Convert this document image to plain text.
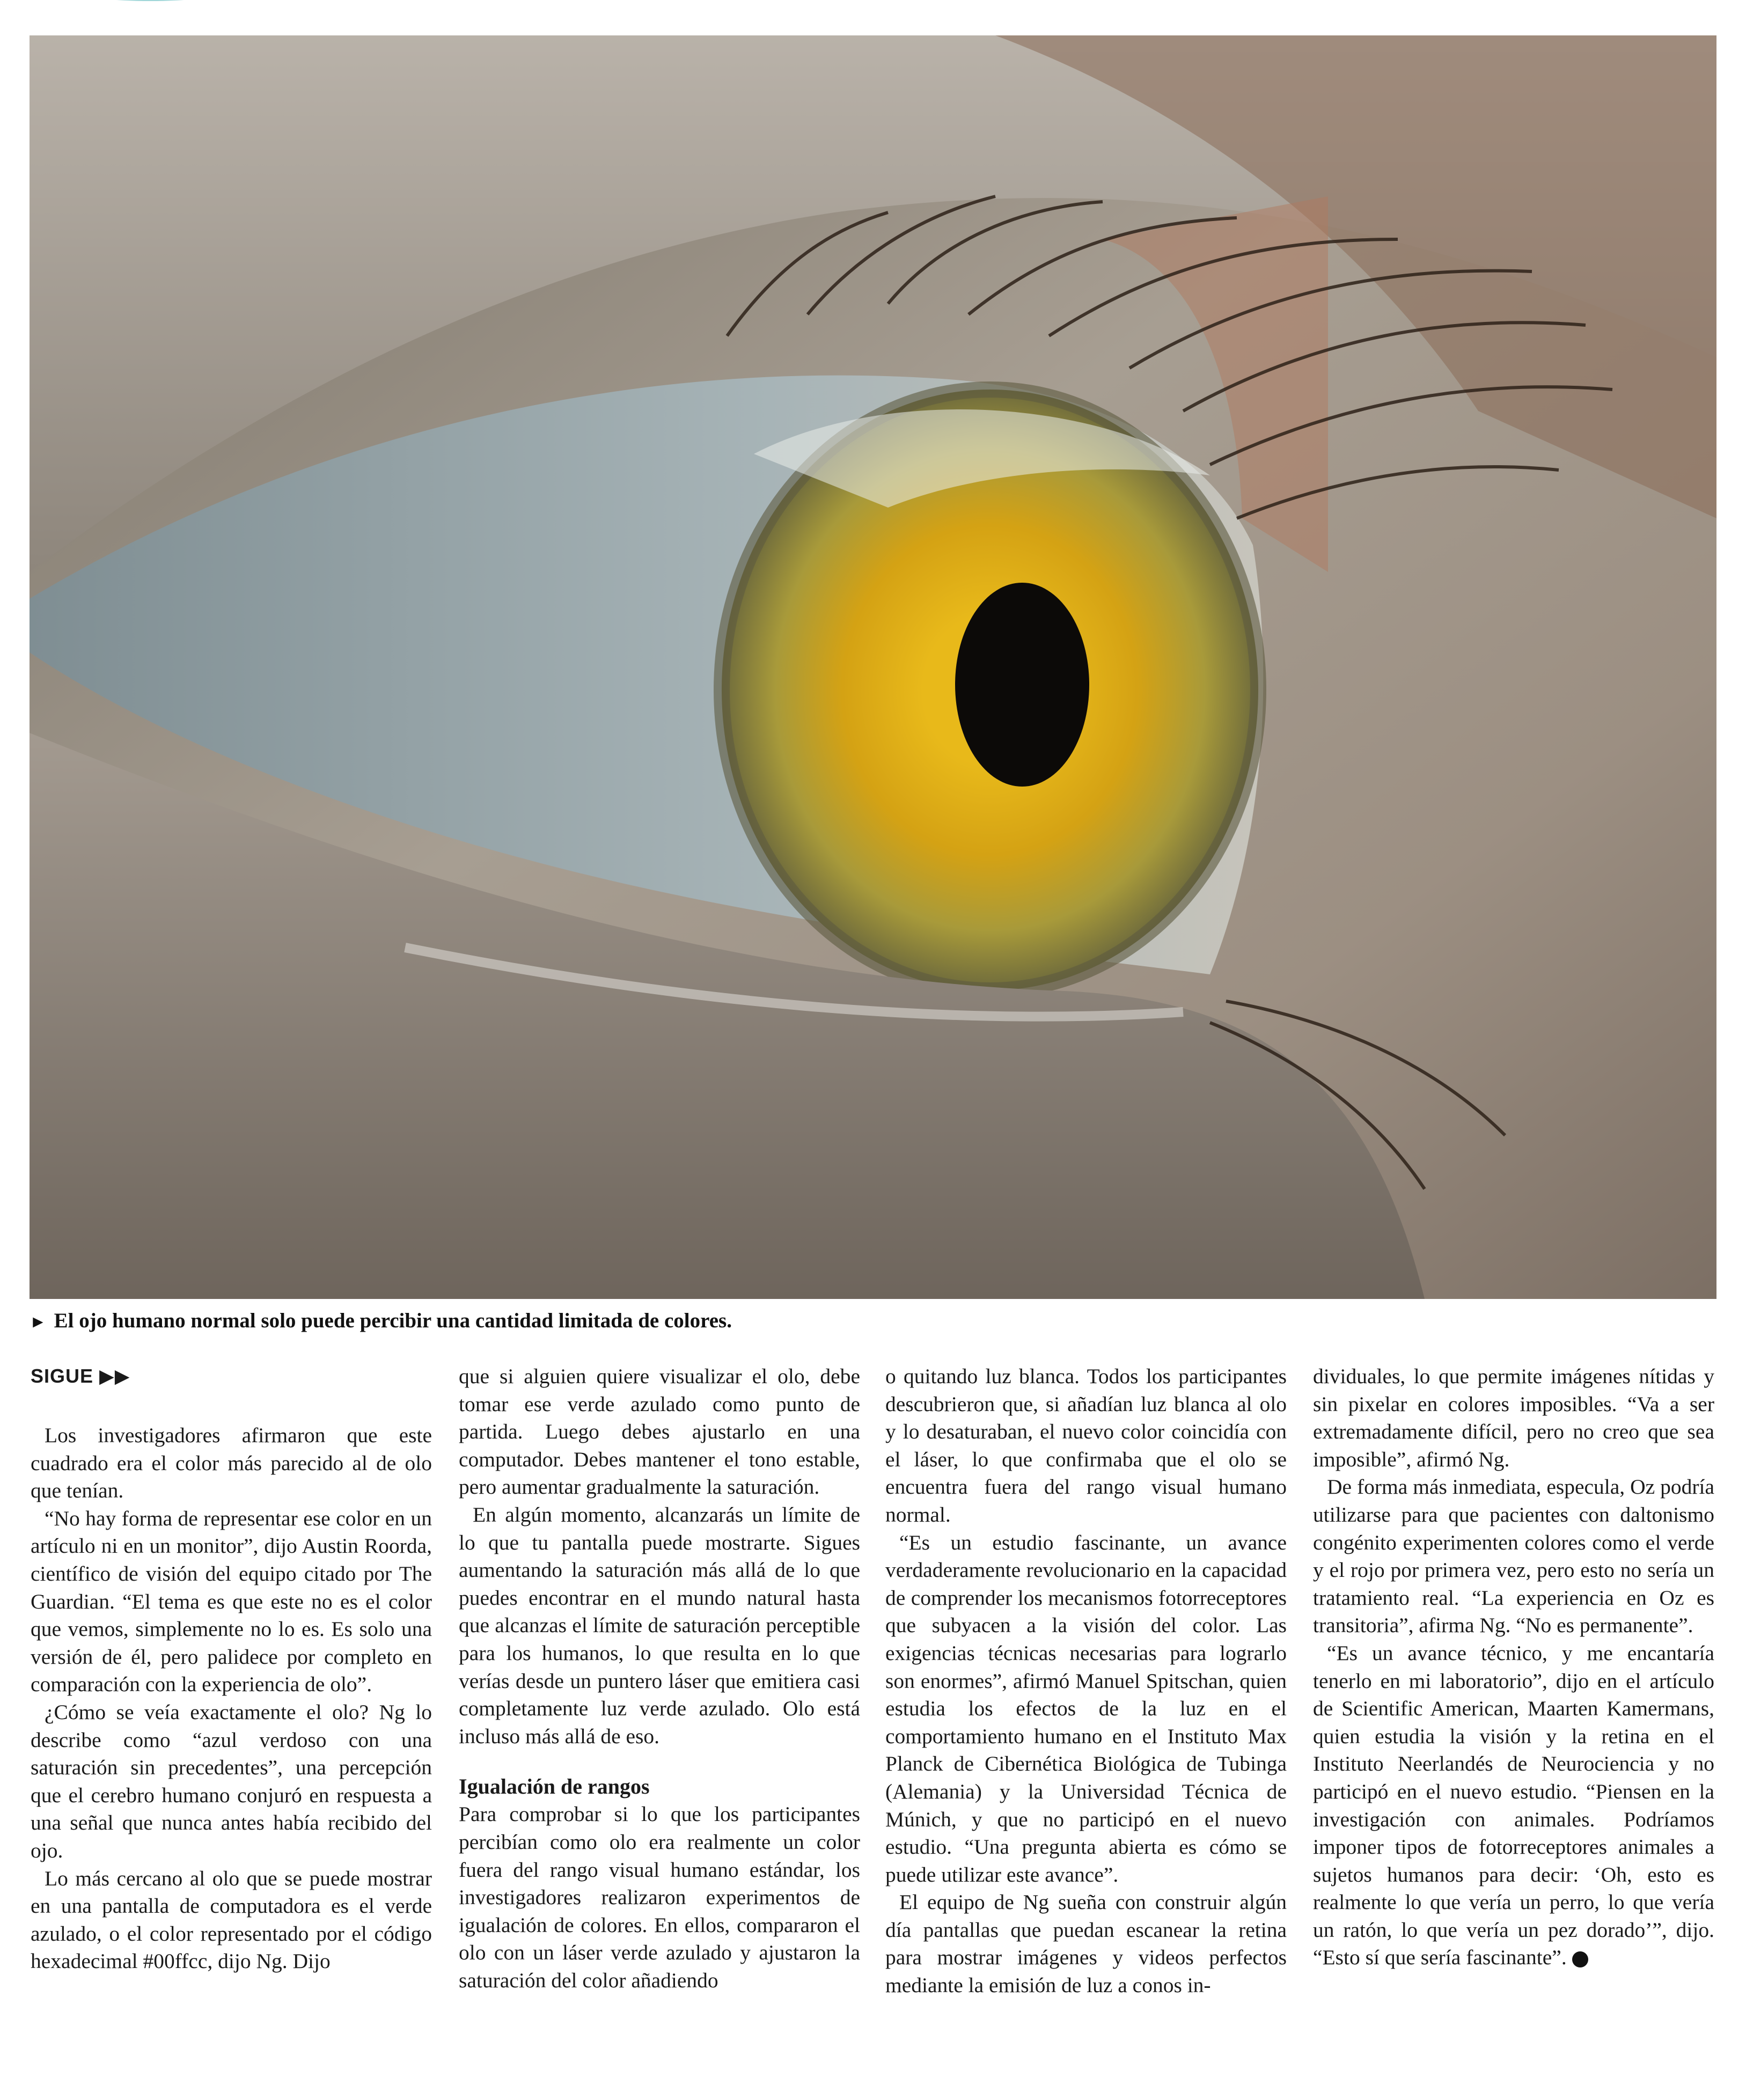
► El ojo humano normal solo puede percibir una cantidad limitada de colores.
SIGUE ▶▶

Los investigadores afirmaron que este cuadrado era el color más parecido al de olo que tenían.

“No hay forma de representar ese color en un artículo ni en un monitor”, dijo Austin Roorda, científico de visión del equipo citado por The Guardian. “El tema es que este no es el color que vemos, simplemente no lo es. Es solo una versión de él, pero palidece por completo en comparación con la experiencia de olo”.

¿Cómo se veía exactamente el olo? Ng lo describe como “azul verdoso con una saturación sin precedentes”, una percepción que el cerebro humano conjuró en respuesta a una señal que nunca antes había recibido del ojo.

Lo más cercano al olo que se puede mostrar en una pantalla de computadora es el verde azulado, o el color representado por el código hexadecimal #00ffcc, dijo Ng. Dijo

que si alguien quiere visualizar el olo, debe tomar ese verde azulado como punto de partida. Luego debes ajustarlo en una computador. Debes mantener el tono estable, pero aumentar gradualmente la saturación.

En algún momento, alcanzarás un límite de lo que tu pantalla puede mostrarte. Sigues aumentando la saturación más allá de lo que puedes encontrar en el mundo natural hasta que alcanzas el límite de saturación perceptible para los humanos, lo que resulta en lo que verías desde un puntero láser que emitiera casi completamente luz verde azulado. Olo está incluso más allá de eso.

Igualación de rangos

Para comprobar si lo que los participantes percibían como olo era realmente un color fuera del rango visual humano estándar, los investigadores realizaron experimentos de igualación de colores. En ellos, compararon el olo con un láser verde azulado y ajustaron la saturación del color añadiendo

o quitando luz blanca. Todos los participantes descubrieron que, si añadían luz blanca al olo y lo desaturaban, el nuevo color coincidía con el láser, lo que confirmaba que el olo se encuentra fuera del rango visual humano normal.

“Es un estudio fascinante, un avance verdaderamente revolucionario en la capacidad de comprender los mecanismos fotorreceptores que subyacen a la visión del color. Las exigencias técnicas necesarias para lograrlo son enormes”, afirmó Manuel Spitschan, quien estudia los efectos de la luz en el comportamiento humano en el Instituto Max Planck de Cibernética Biológica de Tubinga (Alemania) y la Universidad Técnica de Múnich, y que no participó en el nuevo estudio. “Una pregunta abierta es cómo se puede utilizar este avance”.

El equipo de Ng sueña con construir algún día pantallas que puedan escanear la retina para mostrar imágenes y videos perfectos mediante la emisión de luz a conos in-

dividuales, lo que permite imágenes nítidas y sin pixelar en colores imposibles. “Va a ser extremadamente difícil, pero no creo que sea imposible”, afirmó Ng.

De forma más inmediata, especula, Oz podría utilizarse para que pacientes con daltonismo congénito experimenten colores como el verde y el rojo por primera vez, pero esto no sería un tratamiento real. “La experiencia en Oz es transitoria”, afirma Ng. “No es permanente”.

“Es un avance técnico, y me encantaría tenerlo en mi laboratorio”, dijo en el artículo de Scientific American, Maarten Kamermans, quien estudia la visión y la retina en el Instituto Neerlandés de Neurociencia y no participó en el nuevo estudio. “Piensen en la investigación con animales. Podríamos imponer tipos de fotorreceptores animales a sujetos humanos para decir: ‘Oh, esto es realmente lo que vería un perro, lo que vería un ratón, lo que vería un pez dorado’”, dijo. “Esto sí que sería fascinante”.
